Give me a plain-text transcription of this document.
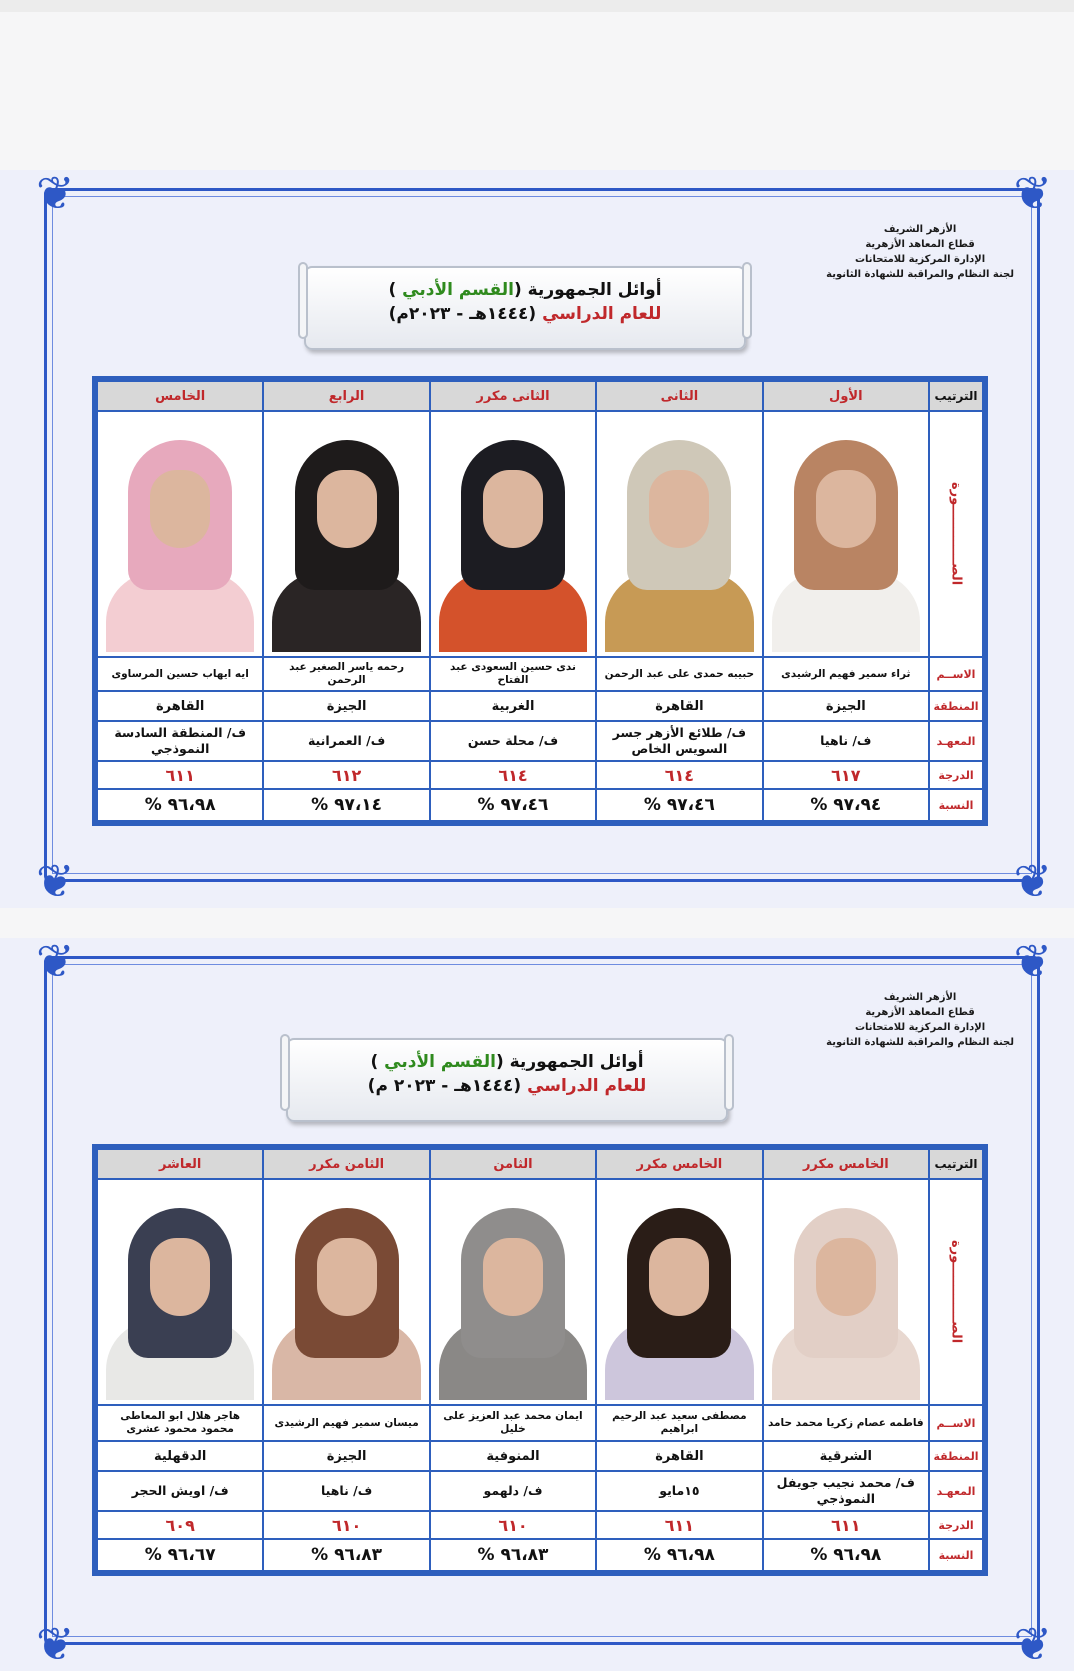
❦	❦
❦	❦
الأزهر الشريف
قطاع المعاهد الأزهرية
الإدارة المركزية للامتحانات
لجنة النظام والمراقبة للشهادة الثانوية
أوائل الجمهورية (القسم الأدبي )
للعام الدراسي (١٤٤٤هـ - ٢٠٢٣م)
الترتيب
الأول
الثانى
الثانى مكرر
الرابع
الخامس
الصـــــــــــــورة
الاســم
ثراء سمير فهيم الرشيدى
حبيبه حمدى على عبد الرحمن
ندى حسين السعودى عبد الفتاح
رحمه ياسر الصغير عبد الرحمن
ايه ايهاب حسين المرساوى
المنطقة
الجيزة
القاهرة
الغربية
الجيزة
القاهرة
المعهـد
ف/ ناهيا
ف/ طلائع الأزهر جسر السويس الخاص
ف/ محلة حسن
ف/ العمرانية
ف/ المنطقة السادسة النموذجي
الدرجة
٦١٧
٦١٤
٦١٤
٦١٢
٦١١
النسبة
% ٩٧،٩٤
% ٩٧،٤٦
% ٩٧،٤٦
% ٩٧،١٤
% ٩٦،٩٨
❦	❦
❦	❦
الأزهر الشريف
قطاع المعاهد الأزهرية
الإدارة المركزية للامتحانات
لجنة النظام والمراقبة للشهادة الثانوية
أوائل الجمهورية (القسم الأدبي )
للعام الدراسي (١٤٤٤هـ - ٢٠٢٣ م)
الترتيب
الخامس مكرر
الخامس مكرر
الثامن
الثامن مكرر
العاشر
الصـــــــــــــورة
الاســم
فاطمه عصام زكريا محمد حامد
مصطفى سعيد عبد الرحيم ابراهيم
ايمان محمد عبد العزيز على خليل
ميسان سمير فهيم الرشيدى
هاجر هلال ابو المعاطى محمود محمود عشرى
المنطقة
الشرقية
القاهرة
المنوفية
الجيزة
الدقهلية
المعهـد
ف/ محمد نجيب جويفل النموذجي
١٥مايو
ف/ دلهمو
ف/ ناهيا
ف/ اويش الحجر
الدرجة
٦١١
٦١١
٦١٠
٦١٠
٦٠٩
النسبة
% ٩٦،٩٨
% ٩٦،٩٨
% ٩٦،٨٣
% ٩٦،٨٣
% ٩٦،٦٧
